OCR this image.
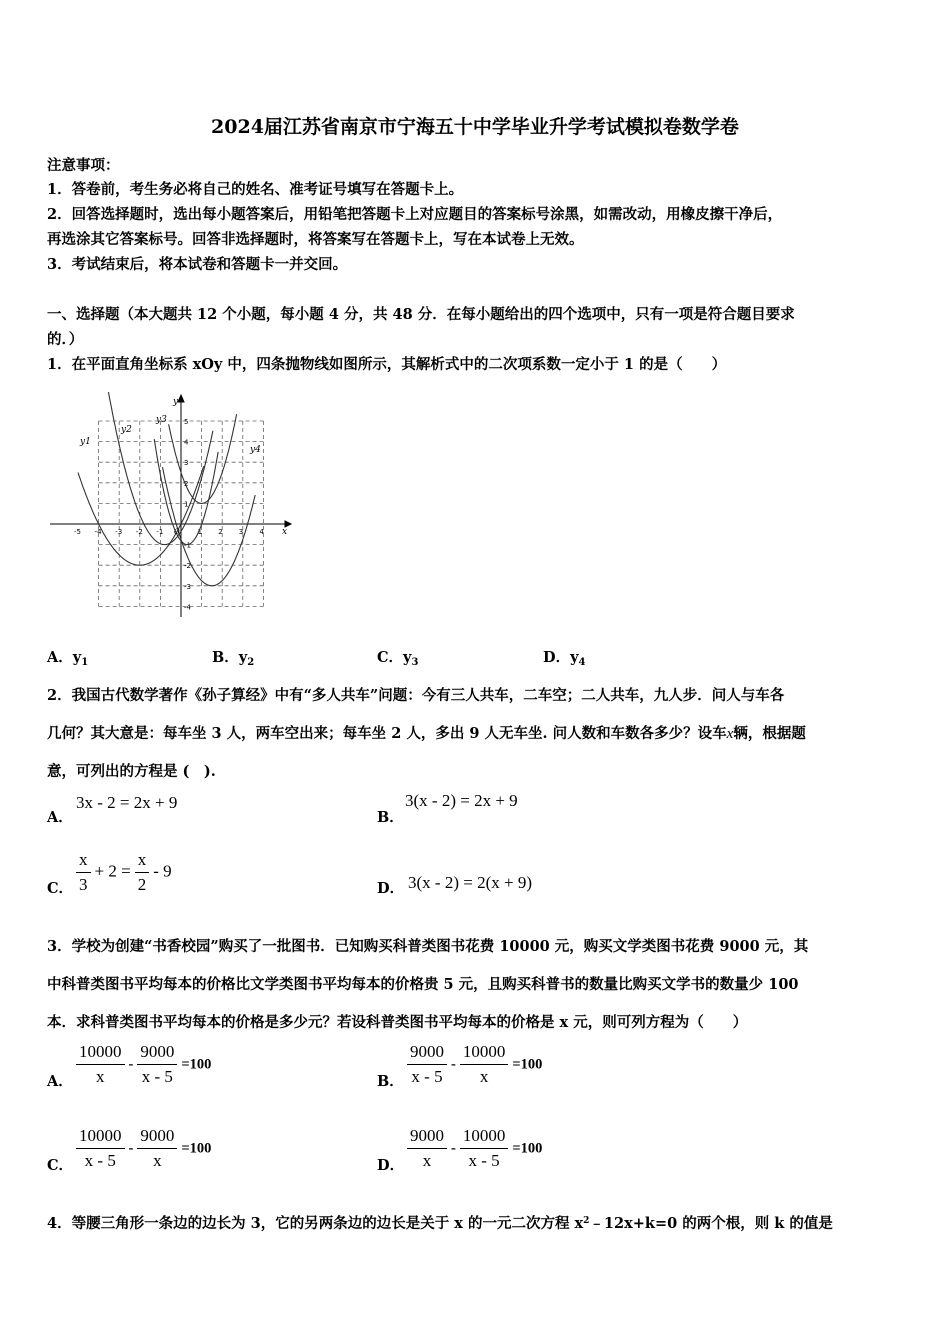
2024届江苏省南京市宁海五十中学毕业升学考试模拟卷数学卷
注意事项：
1．答卷前，考生务必将自己的姓名、准考证号填写在答题卡上。
2．回答选择题时，选出每小题答案后，用铅笔把答题卡上对应题目的答案标号涂黑，如需改动，用橡皮擦干净后，
再选涂其它答案标号。回答非选择题时，将答案写在答题卡上，写在本试卷上无效。
3．考试结束后，将本试卷和答题卡一并交回。
一、选择题（本大题共 12 个小题，每小题 4 分，共 48 分．在每小题给出的四个选项中，只有一项是符合题目要求
的．）
1．在平面直角坐标系 xOy 中，四条抛物线如图所示，其解析式中的二次项系数一定小于 1 的是（　　）
-5 -4 -3 -2 -1	1 2 3 4
5
4
3
2
1
-1
-2
-3
-4
x
y
O
y1
y2
y3
y4
A．$y_1$	B．$y_2$	C．$y_3$	D．$y_4$
2．我国古代数学著作《孙子算经》中有“多人共车”问题：今有三人共车，二车空；二人共车，九人步．问人与车各
几何？其大意是：每车坐 3 人，两车空出来；每车坐 2 人，多出 9 人无车坐. 问人数和车数各多少？设车x辆，根据题
意，可列出的方程是 (　).
A．
3x - 2 = 2x + 9
B．
3(x - 2) = 2x + 9
C． $\frac{x}{3} + 2 = \frac{x}{2} - 9$
D． 3(x - 2) = 2(x + 9)
3．学校为创建“书香校园”购买了一批图书．已知购买科普类图书花费 10000 元，购买文学类图书花费 9000 元，其
中科普类图书平均每本的价格比文学类图书平均每本的价格贵 5 元，且购买科普书的数量比购买文学书的数量少 100
本．求科普类图书平均每本的价格是多少元？若设科普类图书平均每本的价格是 x 元，则可列方程为（　　）
A． $\frac{10000}{x} - \frac{9000}{x - 5} =100$
B． $\frac{9000}{x - 5} - \frac{10000}{x} =100$
C． $\frac{10000}{x - 5} - \frac{9000}{x} =100$
D． $\frac{9000}{x} - \frac{10000}{x - 5} =100$
4．等腰三角形一条边的边长为 3，它的另两条边的边长是关于 x 的一元二次方程 $x^2﹣12x+k=0$ 的两个根，则 k 的值是
